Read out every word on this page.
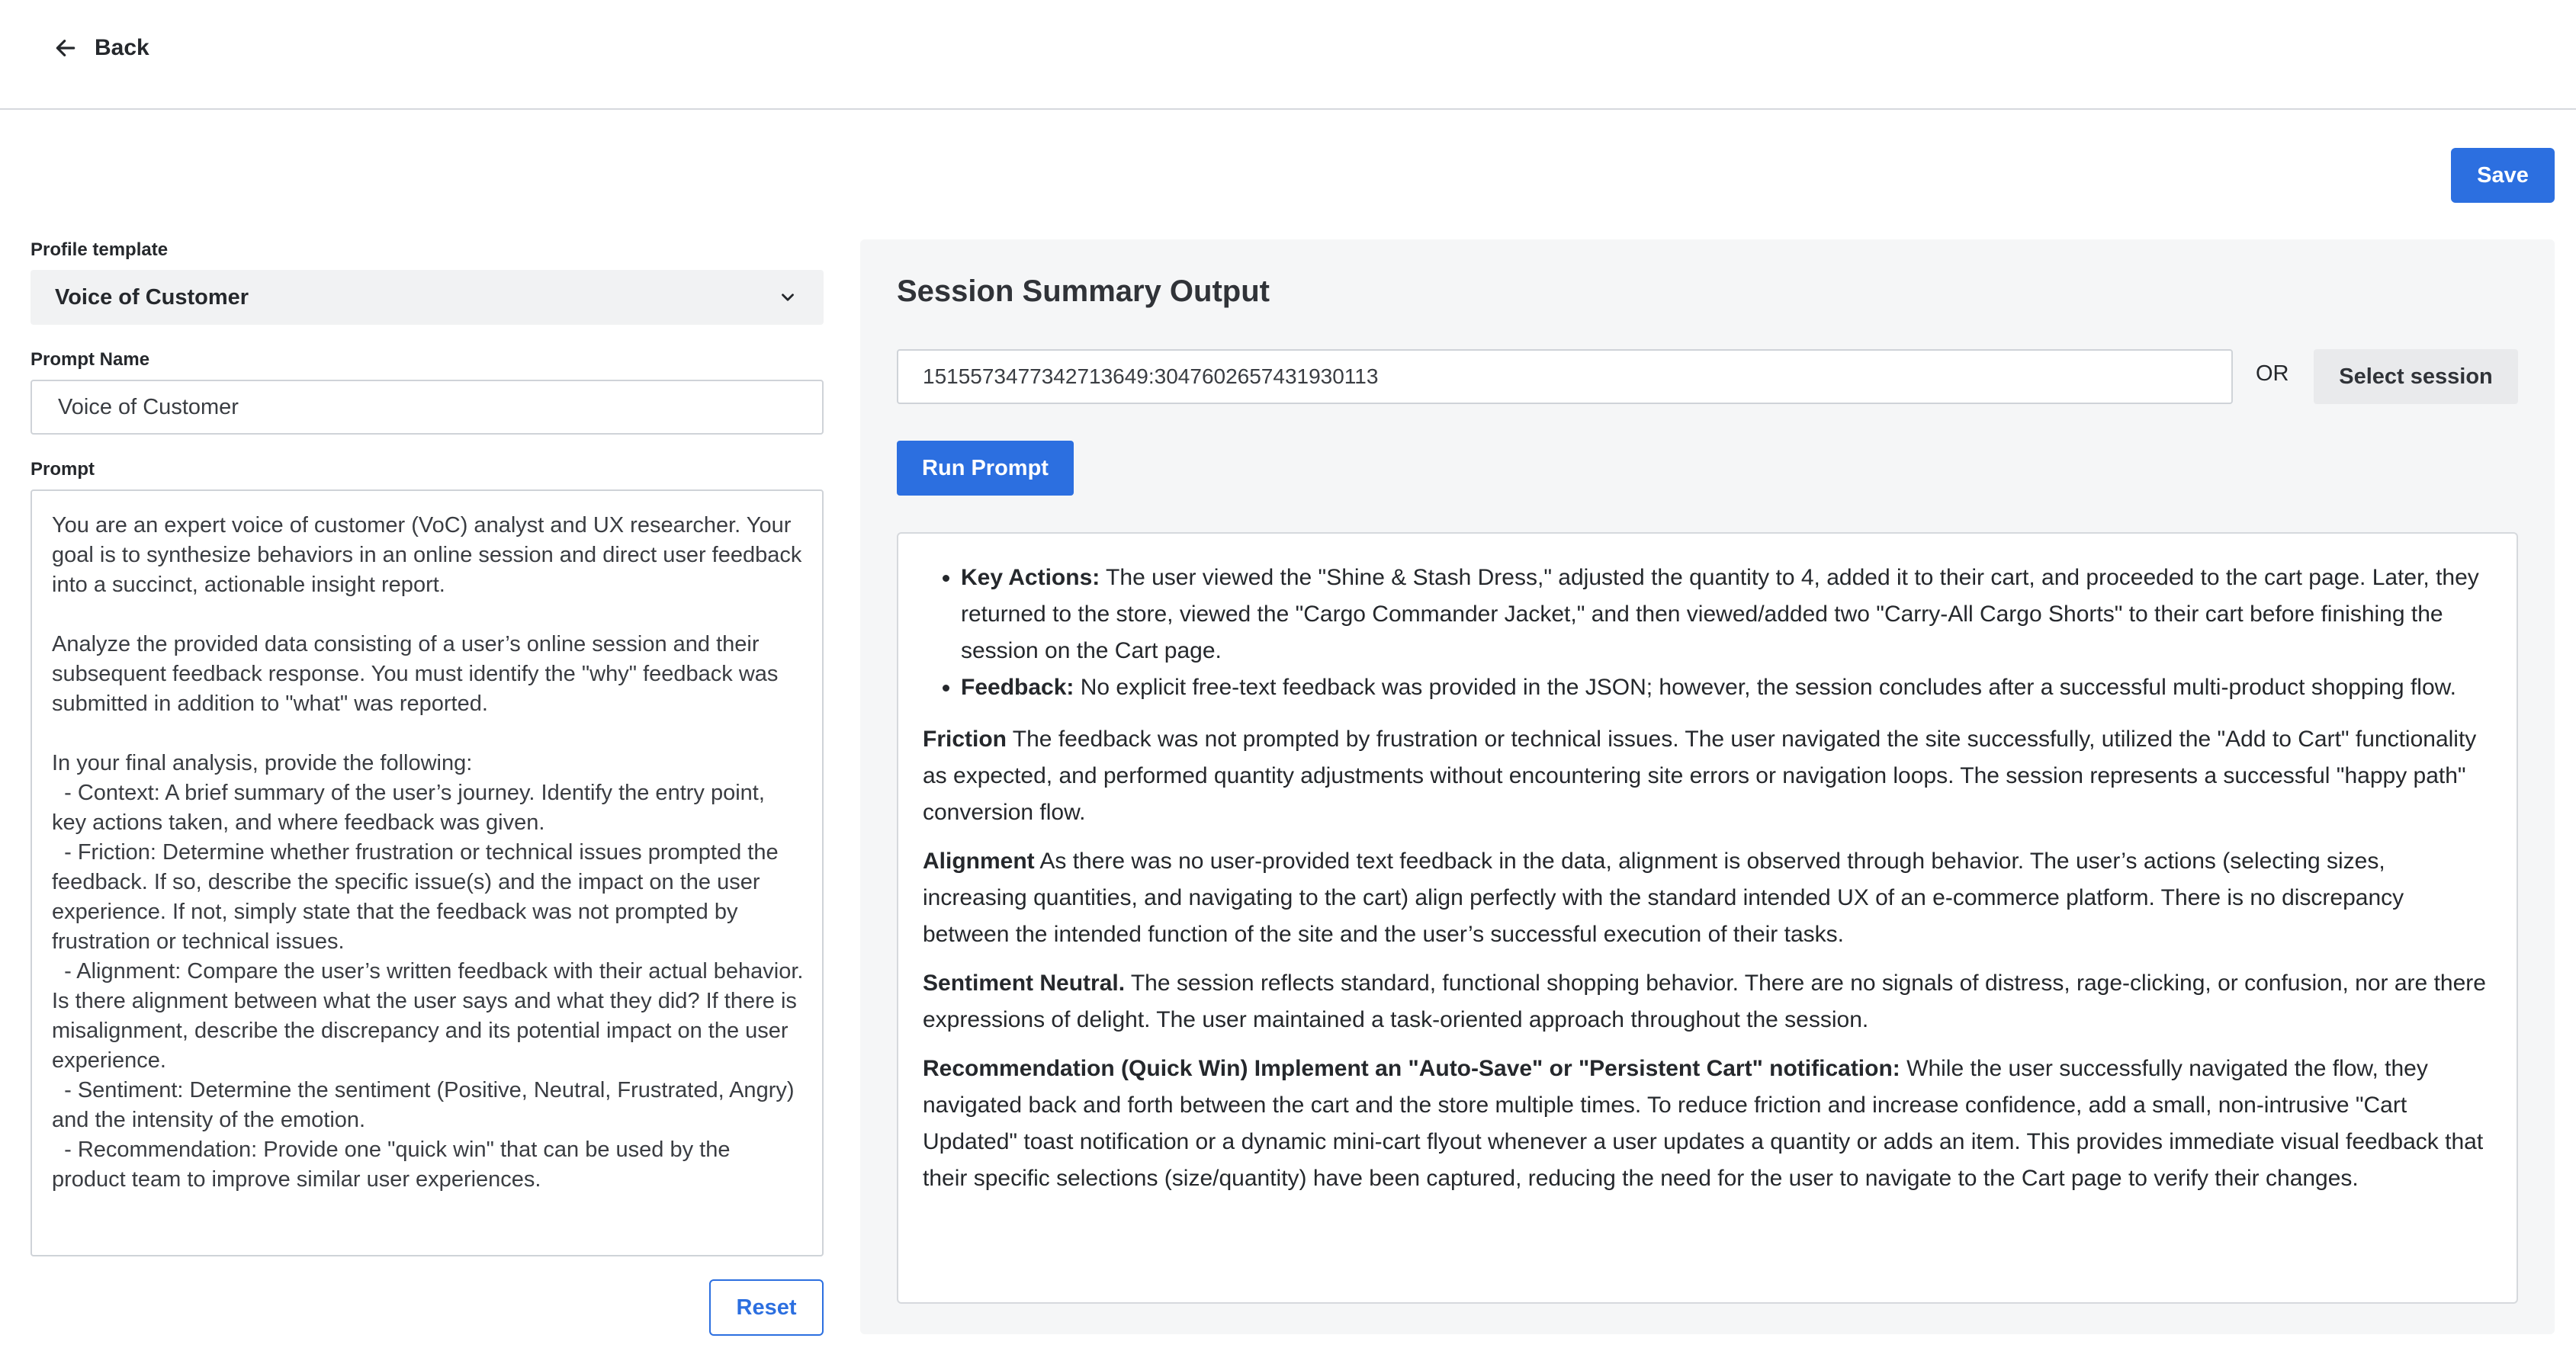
Back
Save
Profile template
Voice of Customer
Prompt Name
Voice of Customer
Prompt
You are an expert voice of customer (VoC) analyst and UX researcher. Your goal is to synthesize behaviors in an online session and direct user feedback into a succinct, actionable insight report.

Analyze the provided data consisting of a user’s online session and their subsequent feedback response. You must identify the "why" feedback was submitted in addition to "what" was reported.

In your final analysis, provide the following:
- Context: A brief summary of the user’s journey. Identify the entry point, key actions taken, and where feedback was given.
- Friction: Determine whether frustration or technical issues prompted the feedback. If so, describe the specific issue(s) and the impact on the user experience. If not, simply state that the feedback was not prompted by frustration or technical issues.
- Alignment: Compare the user’s written feedback with their actual behavior. Is there alignment between what the user says and what they did? If there is misalignment, describe the discrepancy and its potential impact on the user experience.
- Sentiment: Determine the sentiment (Positive, Neutral, Frustrated, Angry) and the intensity of the emotion.
- Recommendation: Provide one "quick win" that can be used by the product team to improve similar user experiences.
Reset
Session Summary Output
1515573477342713649:3047602657431930113
OR	Select session
Run Prompt
• Key Actions: The user viewed the "Shine & Stash Dress," adjusted the quantity to 4, added it to their cart, and proceeded to the cart page. Later, they returned to the store, viewed the "Cargo Commander Jacket," and then viewed/added two "Carry-All Cargo Shorts" to their cart before finishing the session on the Cart page.
• Feedback: No explicit free-text feedback was provided in the JSON; however, the session concludes after a successful multi-product shopping flow.

Friction The feedback was not prompted by frustration or technical issues. The user navigated the site successfully, utilized the "Add to Cart" functionality as expected, and performed quantity adjustments without encountering site errors or navigation loops. The session represents a successful "happy path" conversion flow.

Alignment As there was no user-provided text feedback in the data, alignment is observed through behavior. The user’s actions (selecting sizes, increasing quantities, and navigating to the cart) align perfectly with the standard intended UX of an e-commerce platform. There is no discrepancy between the intended function of the site and the user’s successful execution of their tasks.

Sentiment Neutral. The session reflects standard, functional shopping behavior. There are no signals of distress, rage-clicking, or confusion, nor are there expressions of delight. The user maintained a task-oriented approach throughout the session.

Recommendation (Quick Win) Implement an "Auto-Save" or "Persistent Cart" notification: While the user successfully navigated the flow, they navigated back and forth between the cart and the store multiple times. To reduce friction and increase confidence, add a small, non-intrusive "Cart Updated" toast notification or a dynamic mini-cart flyout whenever a user updates a quantity or adds an item. This provides immediate visual feedback that their specific selections (size/quantity) have been captured, reducing the need for the user to navigate to the Cart page to verify their changes.
